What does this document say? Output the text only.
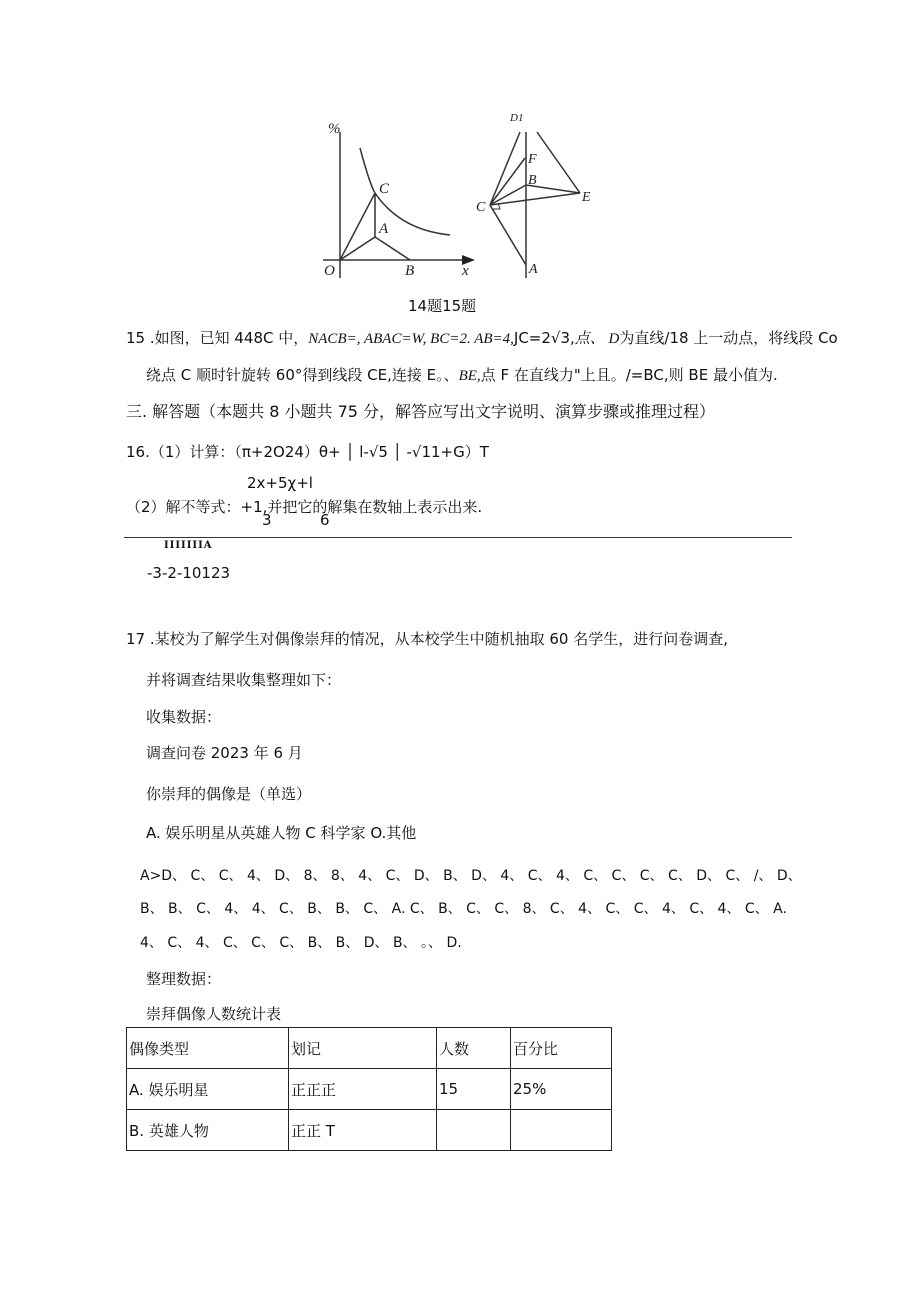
%
O
C
A
B	x
D1
F
B
C
E
A
14题15题
15 .如图，已知 448C 中，NACB=, ABAC=W, BC=2. AB=4,JC=2√3,点、 D为直线/18 上一动点，将线段 Co
绕点 C 顺时针旋转 60°得到线段 CE,连接 E。、BE,点 F 在直线力"上且。/=BC,则 BE 最小值为.
三. 解答题（本题共 8 小题共 75 分，解答应写出文字说明、演算步骤或推理过程）
16.（1）计算：（π+2O24）θ+ │ l-√5 │ -√11+G）T
2x+5χ+l
（2）解不等式：+1,并把它的解集在数轴上表示出来.
3	6
IIIIIIIA
-3-2-10123
17 .某校为了解学生对偶像崇拜的情况，从本校学生中随机抽取 60 名学生，进行问卷调查,
并将调查结果收集整理如下：
收集数据：
调查问卷 2023 年 6 月
你崇拜的偶像是（单选）
A. 娱乐明星从英雄人物 C 科学家 O.其他
A>D、 C、 C、 4、 D、 8、 8、 4、 C、 D、 B、 D、 4、 C、 4、 C、 C、 C、 C、 D、 C、 /、 D、
B、 B、 C、 4、 4、 C、 B、 B、 C、 A. C、 B、 C、 C、 8、 C、 4、 C、 C、 4、 C、 4、 C、 A.
4、 C、 4、 C、 C、 C、 B、 B、 D、 B、 。、 D.
整理数据：
崇拜偶像人数统计表
偶像类型	划记	人数	百分比
A. 娱乐明星	正正正	15	25%
B. 英雄人物	正正 T		
